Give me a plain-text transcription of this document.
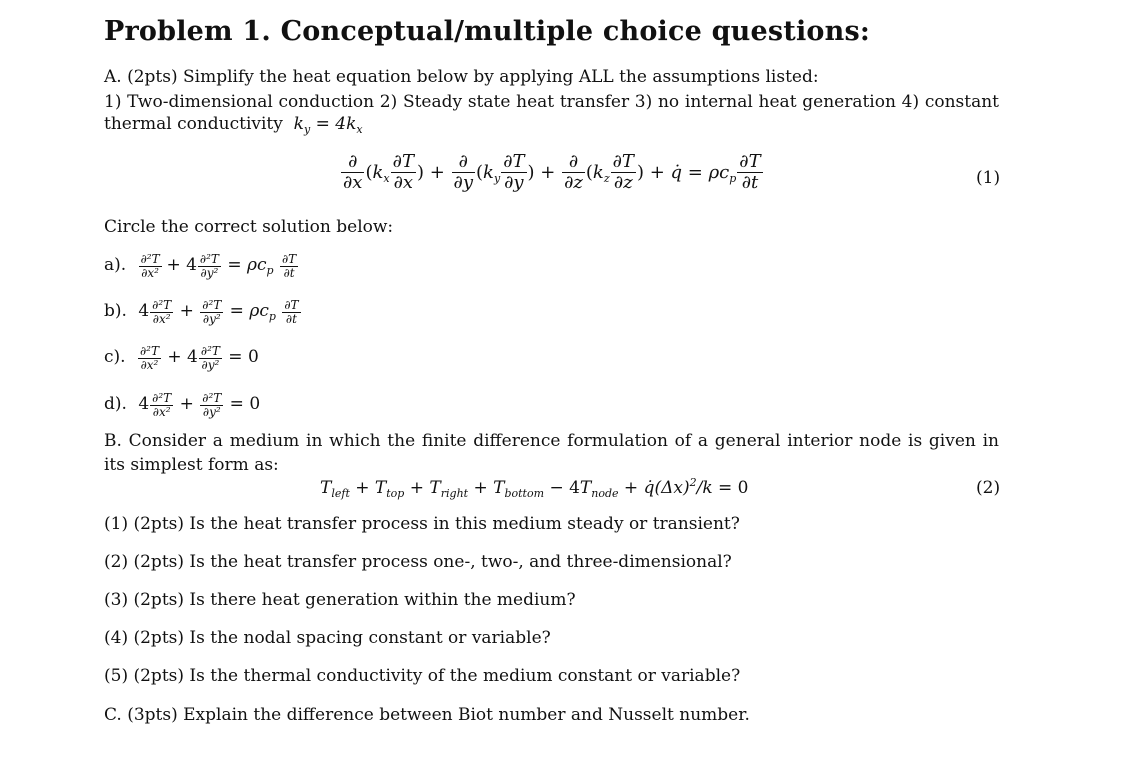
Problem 1. Conceptual/multiple choice questions:
A. (2pts) Simplify the heat equation below by applying ALL the assumptions listed:
1) Two-dimensional conduction 2) Steady state heat transfer 3) no internal heat generation 4) constant
thermal conductivity  $k_y = 4k_x$
$\frac{\partial}{\partial x} (k_x \frac{\partial T}{\partial x}$ ) + $\frac{\partial}{\partial y} (k_y \frac{\partial T}{\partial y}$ ) + $\frac{\partial}{\partial z} (k_z \frac{\partial T}{\partial z}$ ) + q̇ = $\rho c_p \frac{\partial T}{\partial t}$	(1)
Circle the correct solution below:
a). $\frac{\text{∂²T}}{\text{∂x²}} + 4 \frac{\text{∂²T}}{\text{∂y²}} = \rho c_p \frac{\partial T}{\partial t}$
b). $4 \frac{\text{∂²T}}{\text{∂x²}} + \frac{\text{∂²T}}{\text{∂y²}} = \rho c_p \frac{\partial T}{\partial t}$
c). $\frac{\text{∂²T}}{\text{∂x²}} + 4 \frac{\text{∂²T}}{\text{∂y²}} = 0$
d). $4 \frac{\text{∂²T}}{\text{∂x²}} + \frac{\text{∂²T}}{\text{∂y²}} = 0$
B. Consider a medium in which the finite difference formulation of a general interior node is given in its simplest form as:
$T_{left} + T_{top} + T_{right} + T_{bottom} - 4T_{node}$ + $q̇(\Delta x)^2/k = 0$	(2)
(1) (2pts) Is the heat transfer process in this medium steady or transient?
(2) (2pts) Is the heat transfer process one-, two-, and three-dimensional?
(3) (2pts) Is there heat generation within the medium?
(4) (2pts) Is the nodal spacing constant or variable?
(5) (2pts) Is the thermal conductivity of the medium constant or variable?
C. (3pts) Explain the difference between Biot number and Nusselt number.
